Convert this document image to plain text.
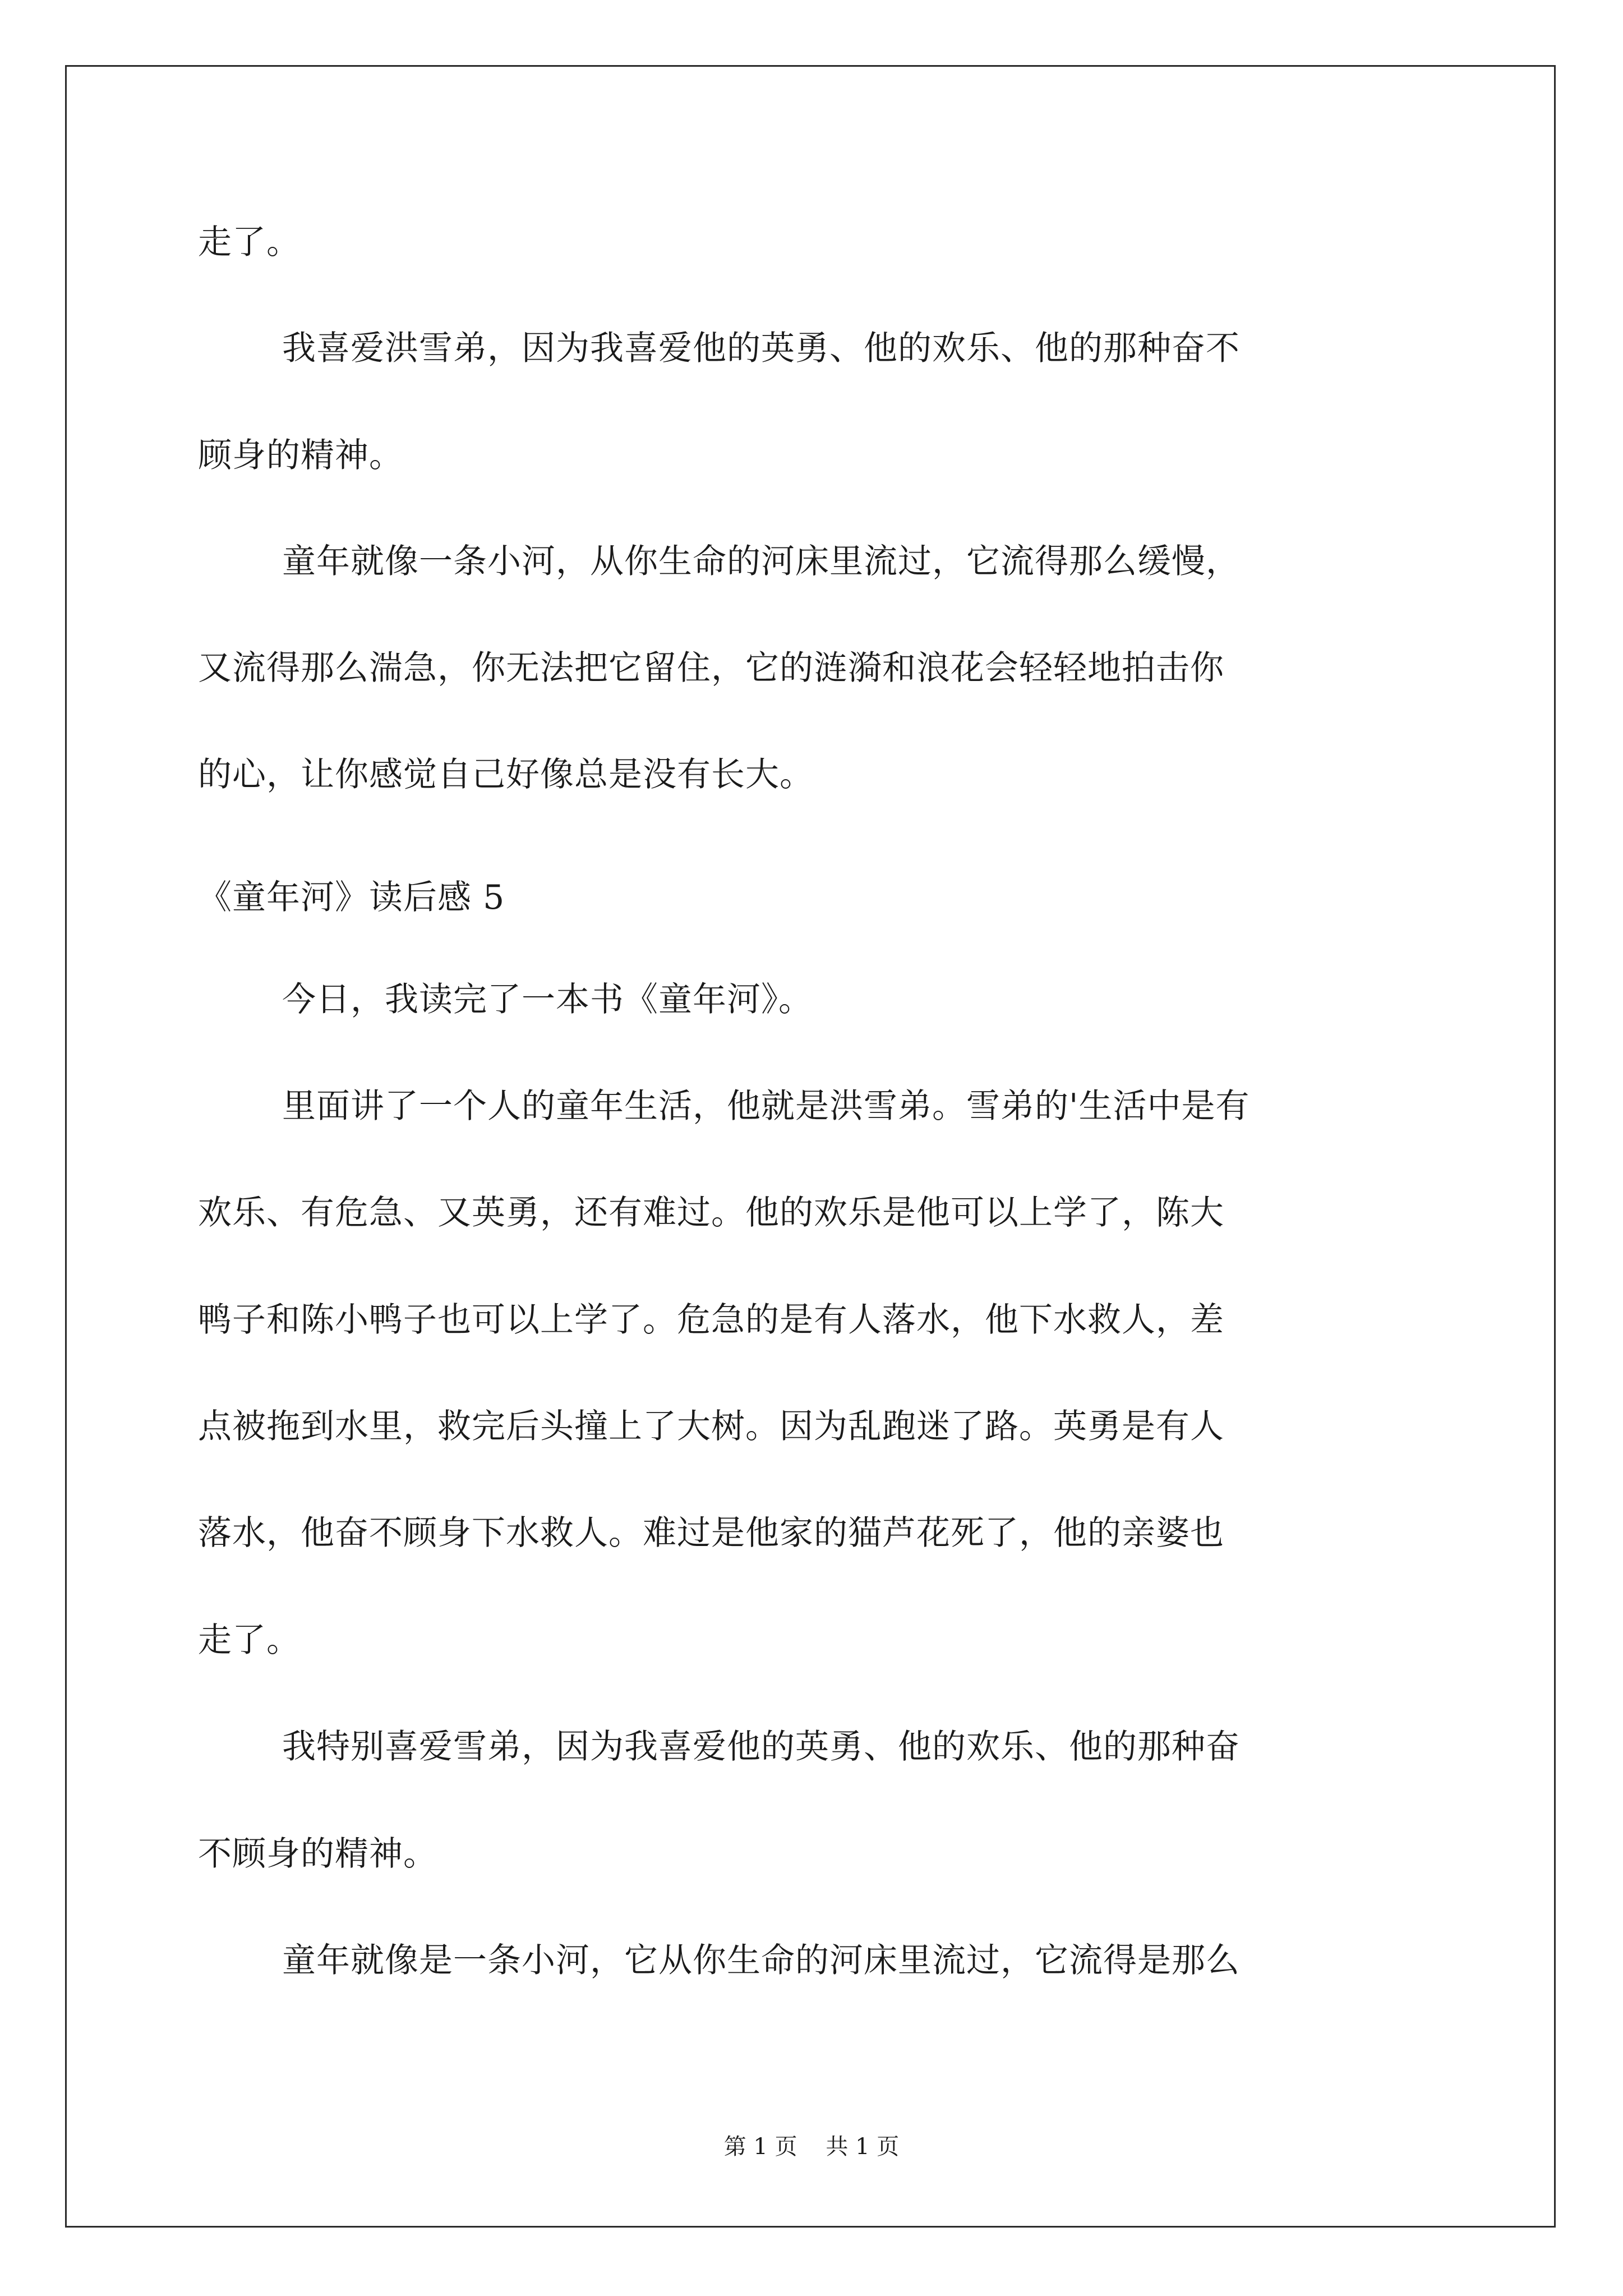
走了。
我喜爱洪雪弟，因为我喜爱他的英勇、他的欢乐、他的那种奋不
顾身的精神。
童年就像一条小河，从你生命的河床里流过，它流得那么缓慢，
又流得那么湍急，你无法把它留住，它的涟漪和浪花会轻轻地拍击你
的心，让你感觉自己好像总是没有长大。
《童年河》读后感 5
今日，我读完了一本书《童年河》。
里面讲了一个人的童年生活，他就是洪雪弟。雪弟的'生活中是有
欢乐、有危急、又英勇，还有难过。他的欢乐是他可以上学了，陈大
鸭子和陈小鸭子也可以上学了。危急的是有人落水，他下水救人，差
点被拖到水里，救完后头撞上了大树。因为乱跑迷了路。英勇是有人
落水，他奋不顾身下水救人。难过是他家的猫芦花死了，他的亲婆也
走了。
我特别喜爱雪弟，因为我喜爱他的英勇、他的欢乐、他的那种奋
不顾身的精神。
童年就像是一条小河，它从你生命的河床里流过，它流得是那么
第 1 页    共 1 页
